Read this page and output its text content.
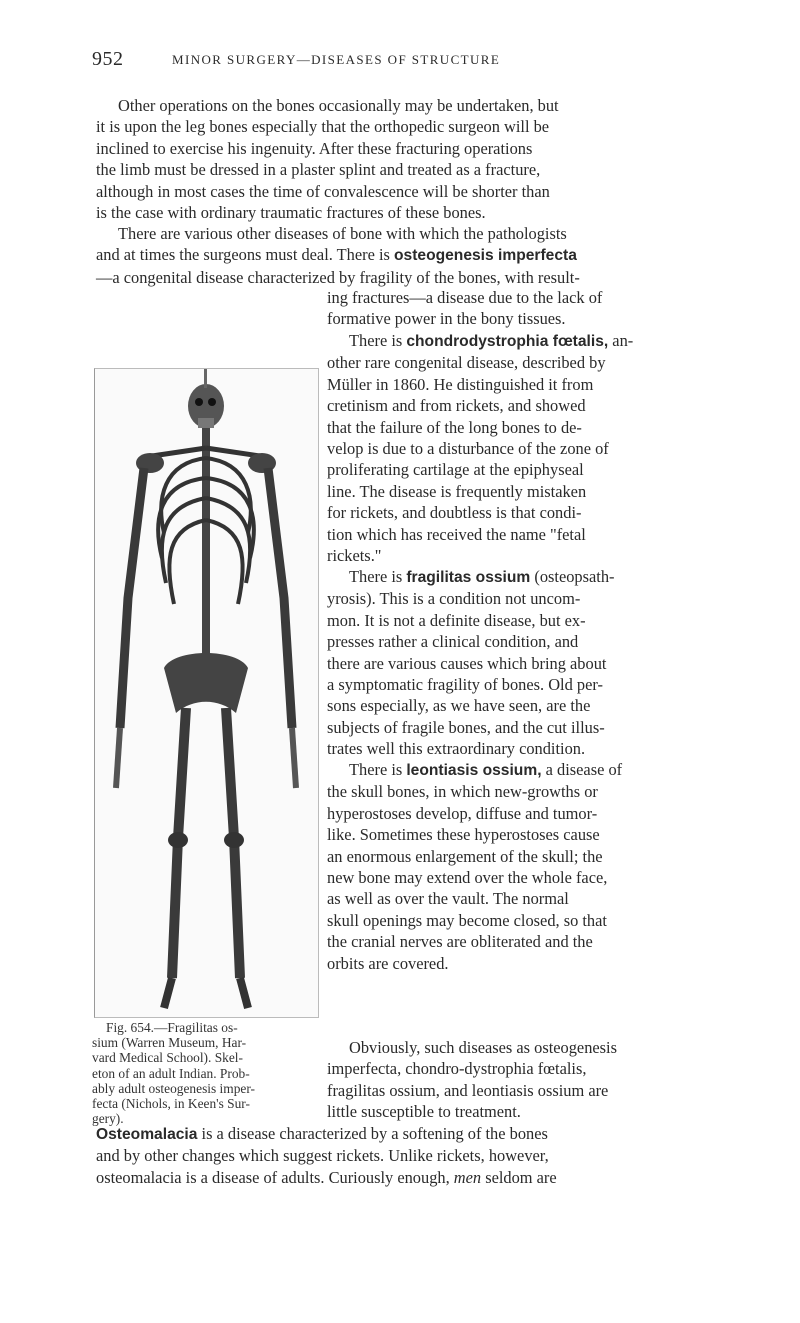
952	MINOR SURGERY—DISEASES OF STRUCTURE
Other operations on the bones occasionally may be undertaken, but
it is upon the leg bones especially that the orthopedic surgeon will be
inclined to exercise his ingenuity. After these fracturing operations
the limb must be dressed in a plaster splint and treated as a fracture,
although in most cases the time of convalescence will be shorter than
is the case with ordinary traumatic fractures of these bones.
There are various other diseases of bone with which the pathologists
and at times the surgeons must deal. There is osteogenesis imperfecta
—a congenital disease characterized by fragility of the bones, with result-
ing fractures—a disease due to the lack of
formative power in the bony tissues.
There is chondrodystrophia fœtalis, an-
other rare congenital disease, described by
Müller in 1860. He distinguished it from
cretinism and from rickets, and showed
that the failure of the long bones to de-
velop is due to a disturbance of the zone of
proliferating cartilage at the epiphyseal
line. The disease is frequently mistaken
for rickets, and doubtless is that condi-
tion which has received the name "fetal
rickets."
There is fragilitas ossium (osteopsath-
yrosis). This is a condition not uncom-
mon. It is not a definite disease, but ex-
presses rather a clinical condition, and
there are various causes which bring about
a symptomatic fragility of bones. Old per-
sons especially, as we have seen, are the
subjects of fragile bones, and the cut illus-
trates well this extraordinary condition.
There is leontiasis ossium, a disease of
the skull bones, in which new-growths or
hyperostoses develop, diffuse and tumor-
like. Sometimes these hyperostoses cause
an enormous enlargement of the skull; the
new bone may extend over the whole face,
as well as over the vault. The normal
skull openings may become closed, so that
the cranial nerves are obliterated and the
orbits are covered.
Obviously, such diseases as osteogenesis
imperfecta, chondro-dystrophia fœtalis,
fragilitas ossium, and leontiasis ossium are
little susceptible to treatment.
Osteomalacia is a disease characterized by a softening of the bones
and by other changes which suggest rickets. Unlike rickets, however,
osteomalacia is a disease of adults. Curiously enough, men seldom are
Fig. 654.—Fragilitas os-
sium (Warren Museum, Har-
vard Medical School). Skel-
eton of an adult Indian. Prob-
ably adult osteogenesis imper-
fecta (Nichols, in Keen's Sur-
gery).
